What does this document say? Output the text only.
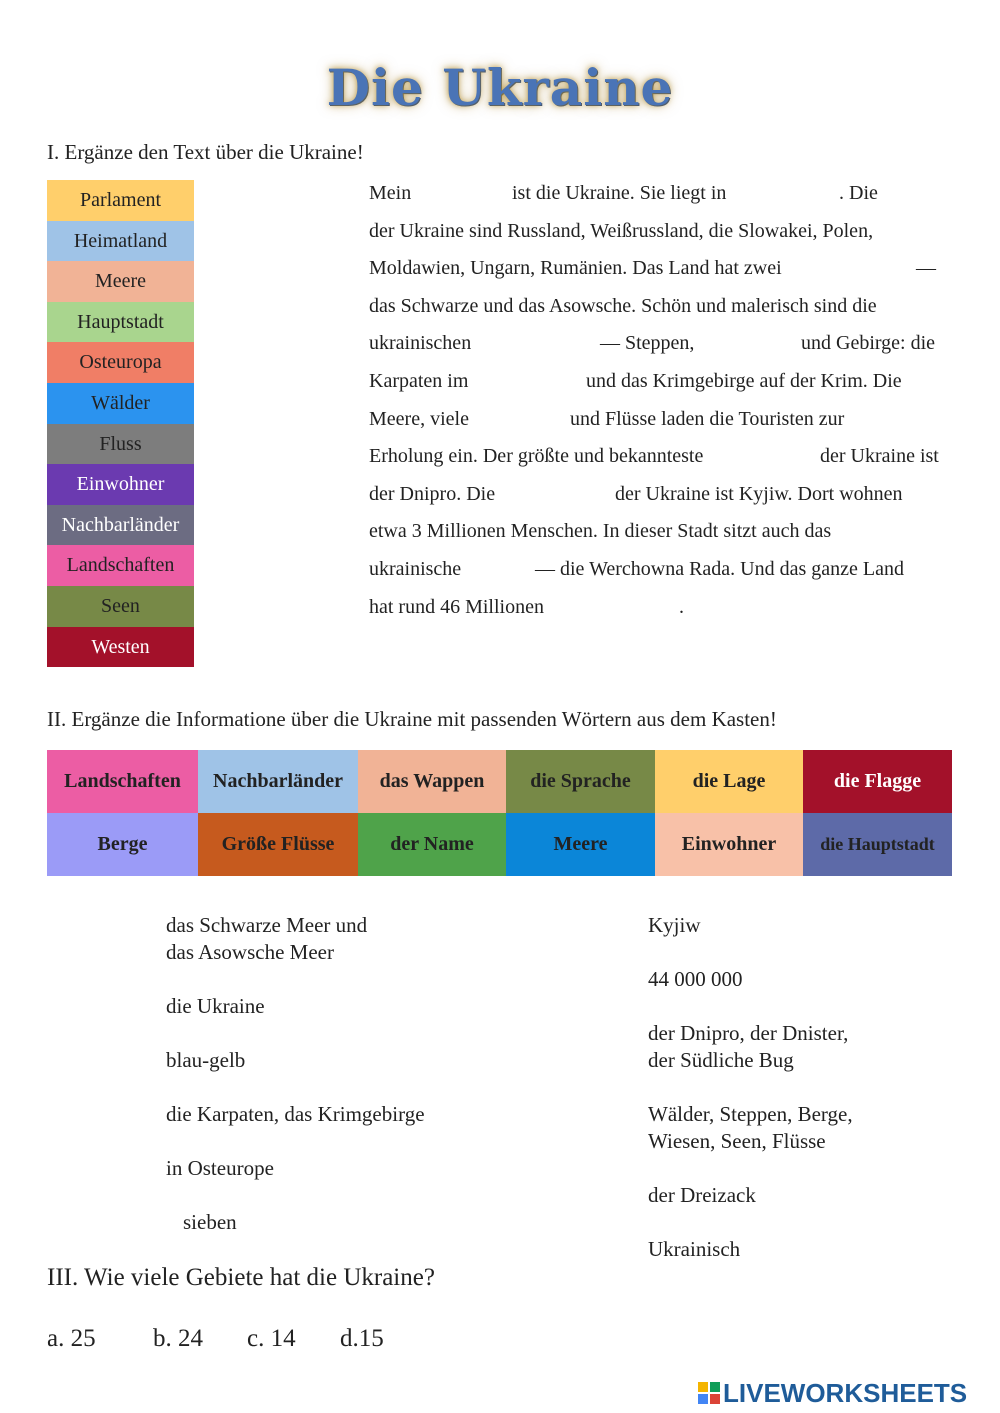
Die Ukraine
I. Ergänze den Text über die Ukraine!
Parlament
Heimatland
Meere
Hauptstadt
Osteuropa
Wälder
Fluss
Einwohner
Nachbarländer
Landschaften
Seen
Westen
Mein	ist die Ukraine. Sie liegt in	. Die
der Ukraine sind Russland, Weißrussland, die Slowakei, Polen,
Moldawien, Ungarn, Rumänien. Das Land hat zwei	—
das Schwarze und das Asowsche. Schön und malerisch sind die
ukrainischen	— Steppen,	und Gebirge: die
Karpaten im	und das Krimgebirge auf der Krim. Die
Meere, viele	und Flüsse laden die Touristen zur
Erholung ein. Der größte und bekannteste	der Ukraine ist
der Dnipro. Die	der Ukraine ist Kyjiw. Dort wohnen
etwa 3 Millionen Menschen. In dieser Stadt sitzt auch das
ukrainische	— die Werchowna Rada. Und das ganze Land
hat rund 46 Millionen	.
II. Ergänze die Informatione über die Ukraine mit passenden Wörtern aus dem Kasten!
Landschaften	Nachbarländer	das Wappen	die Sprache	die Lage	die Flagge
Berge	Größe Flüsse	der Name	Meere	Einwohner	die Hauptstadt
das Schwarze Meer und
das Asowsche Meer
die Ukraine
blau-gelb
die Karpaten, das Krimgebirge
in Osteurope
sieben
Kyjiw
44 000 000
der Dnipro, der Dnister,
der Südliche Bug
Wälder, Steppen, Berge,
Wiesen, Seen, Flüsse
der Dreizack
Ukrainisch
III. Wie viele Gebiete hat die Ukraine?
a. 25 b. 24 c. 14 d.15
LIVEWORKSHEETS
